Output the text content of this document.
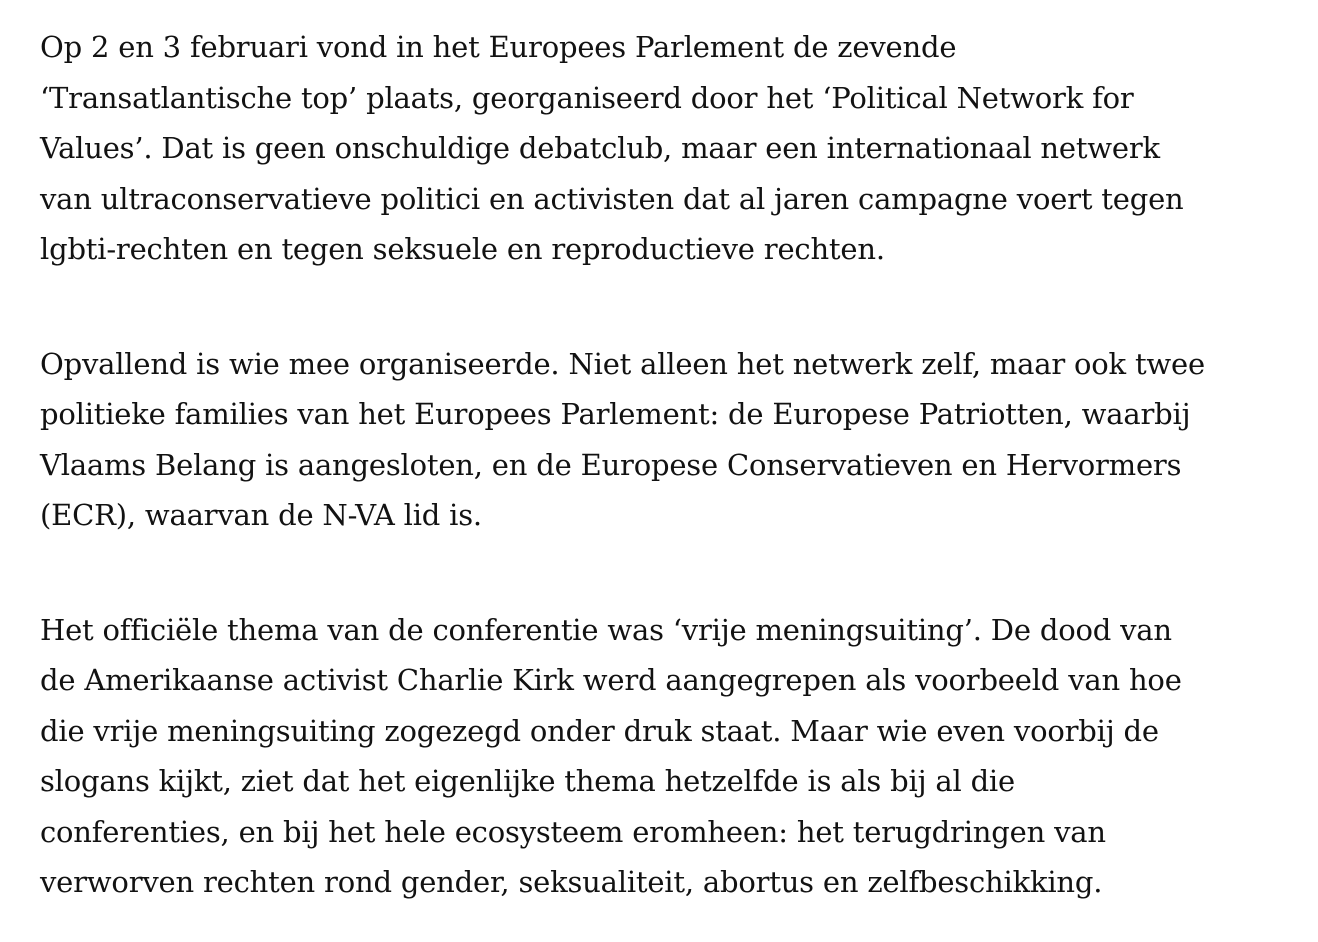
Op 2 en 3 februari vond in het Europees Parlement de zevende
‘Transatlantische top’ plaats, georganiseerd door het ‘Political Network for
Values’. Dat is geen onschuldige debatclub, maar een internationaal netwerk
van ultraconservatieve politici en activisten dat al jaren campagne voert tegen
lgbti-rechten en tegen seksuele en reproductieve rechten.

Opvallend is wie mee organiseerde. Niet alleen het netwerk zelf, maar ook twee
politieke families van het Europees Parlement: de Europese Patriotten, waarbij
Vlaams Belang is aangesloten, en de Europese Conservatieven en Hervormers
(ECR), waarvan de N-VA lid is.

Het officiële thema van de conferentie was ‘vrije meningsuiting’. De dood van
de Amerikaanse activist Charlie Kirk werd aangegrepen als voorbeeld van hoe
die vrije meningsuiting zogezegd onder druk staat. Maar wie even voorbij de
slogans kijkt, ziet dat het eigenlijke thema hetzelfde is als bij al die
conferenties, en bij het hele ecosysteem eromheen: het terugdringen van
verworven rechten rond gender, seksualiteit, abortus en zelfbeschikking.
